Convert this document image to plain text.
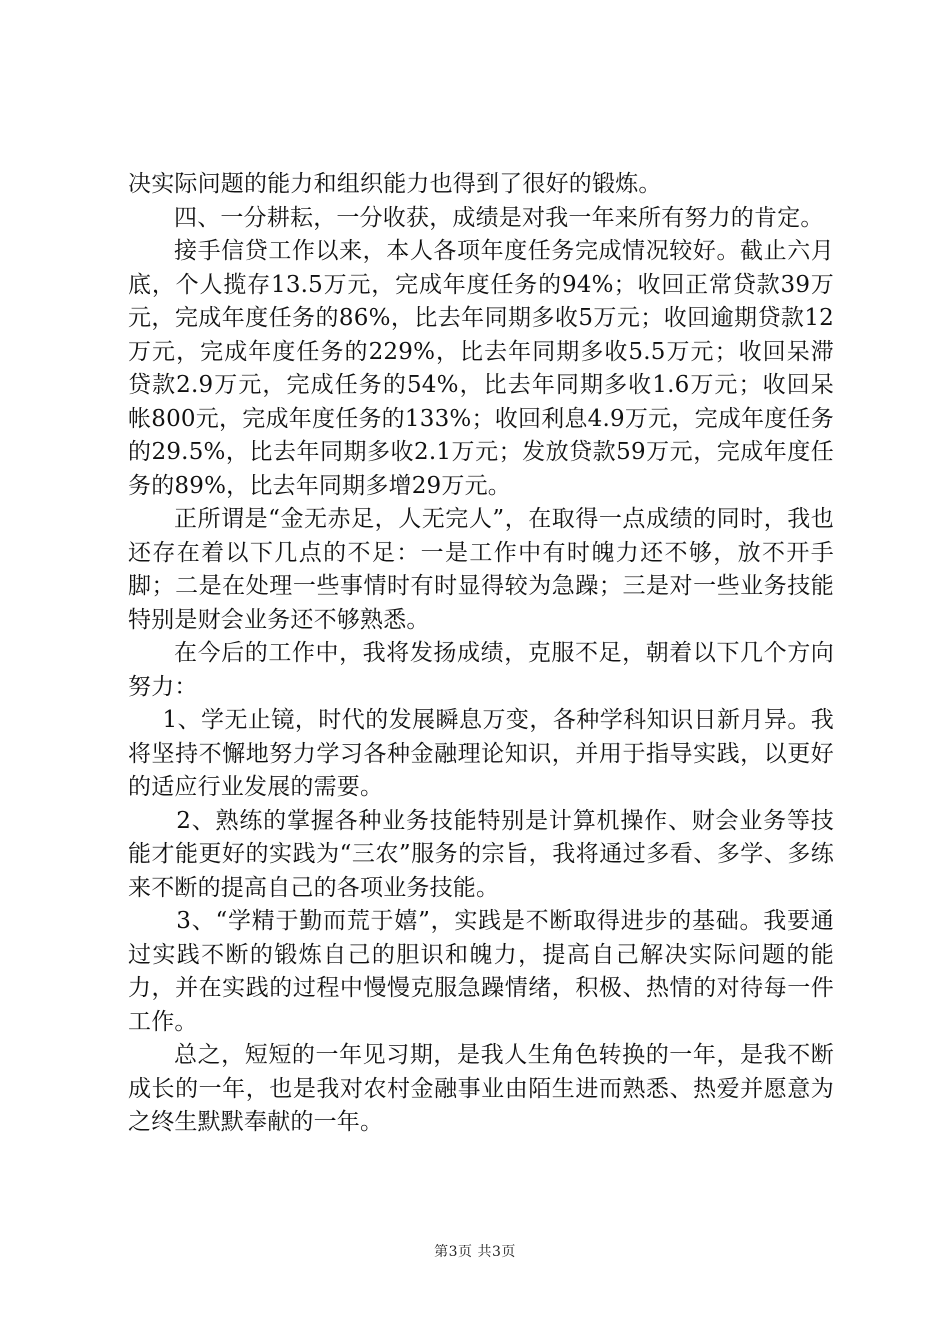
决实际问题的能力和组织能力也得到了很好的锻炼。

四、一分耕耘，一分收获，成绩是对我一年来所有努力的肯定。

接手信贷工作以来，本人各项年度任务完成情况较好。截止六月底，个人揽存13.5万元，完成年度任务的94%；收回正常贷款39万元，完成年度任务的86%，比去年同期多收5万元；收回逾期贷款12万元，完成年度任务的229%，比去年同期多收5.5万元；收回呆滞贷款2.9万元，完成任务的54%，比去年同期多收1.6万元；收回呆帐800元，完成年度任务的133%；收回利息4.9万元，完成年度任务的29.5%，比去年同期多收2.1万元；发放贷款59万元，完成年度任务的89%，比去年同期多增29万元。

正所谓是“金无赤足，人无完人”，在取得一点成绩的同时，我也还存在着以下几点的不足：一是工作中有时魄力还不够，放不开手脚；二是在处理一些事情时有时显得较为急躁；三是对一些业务技能特别是财会业务还不够熟悉。

在今后的工作中，我将发扬成绩，克服不足，朝着以下几个方向努力：

1、学无止镜，时代的发展瞬息万变，各种学科知识日新月异。我将坚持不懈地努力学习各种金融理论知识，并用于指导实践，以更好的适应行业发展的需要。

2、熟练的掌握各种业务技能特别是计算机操作、财会业务等技能才能更好的实践为“三农”服务的宗旨，我将通过多看、多学、多练来不断的提高自己的各项业务技能。

3、“学精于勤而荒于嬉”，实践是不断取得进步的基础。我要通过实践不断的锻炼自己的胆识和魄力，提高自己解决实际问题的能力，并在实践的过程中慢慢克服急躁情绪，积极、热情的对待每一件工作。

总之，短短的一年见习期，是我人生角色转换的一年，是我不断成长的一年，也是我对农村金融事业由陌生进而熟悉、热爱并愿意为之终生默默奉献的一年。

第3页 共3页
